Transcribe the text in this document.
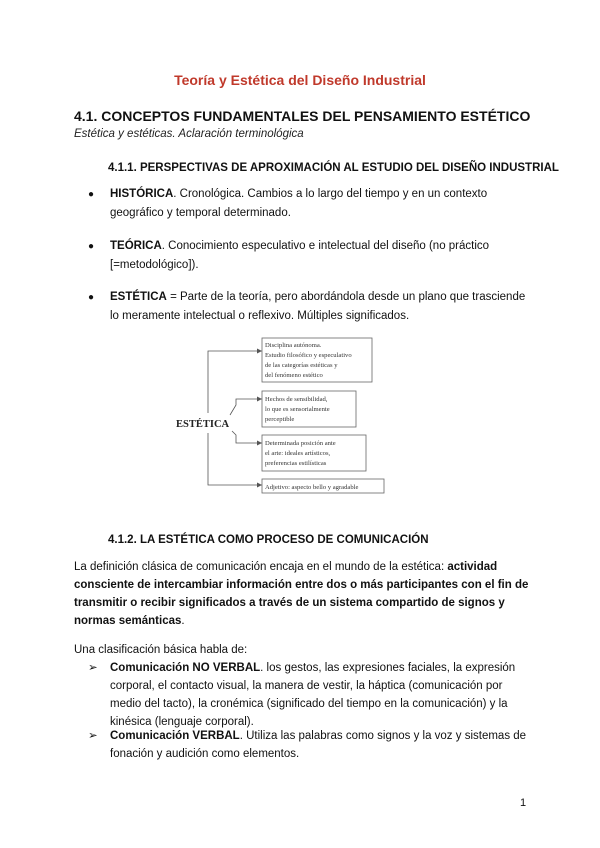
Teoría y Estética del Diseño Industrial
4.1. CONCEPTOS FUNDAMENTALES DEL PENSAMIENTO ESTÉTICO
Estética y estéticas. Aclaración terminológica
4.1.1. PERSPECTIVAS DE APROXIMACIÓN AL ESTUDIO DEL DISEÑO INDUSTRIAL
● HISTÓRICA. Cronológica. Cambios a lo largo del tiempo y en un contexto geográfico y temporal determinado.
● TEÓRICA. Conocimiento especulativo e intelectual del diseño (no práctico [=metodológico]).
● ESTÉTICA = Parte de la teoría, pero abordándola desde un plano que trasciende lo meramente intelectual o reflexivo. Múltiples significados.
ESTÉTICA
Disciplina autónoma.
Estudio filosófico y especulativo
de las categorías estéticas y
del fenómeno estético
Hechos de sensibilidad,
lo que es sensorialmente
perceptible
Determinada posición ante
el arte: ideales artísticos,
preferencias estilísticas
Adjetivo: aspecto bello y agradable
4.1.2. LA ESTÉTICA COMO PROCESO DE COMUNICACIÓN
La definición clásica de comunicación encaja en el mundo de la estética: actividad consciente de intercambiar información entre dos o más participantes con el fin de transmitir o recibir significados a través de un sistema compartido de signos y normas semánticas.
Una clasificación básica habla de:
➢ Comunicación NO VERBAL. los gestos, las expresiones faciales, la expresión corporal, el contacto visual, la manera de vestir, la háptica (comunicación por medio del tacto), la cronémica (significado del tiempo en la comunicación) y la kinésica (lenguaje corporal).
➢ Comunicación VERBAL. Utiliza las palabras como signos y la voz y sistemas de fonación y audición como elementos.
1
